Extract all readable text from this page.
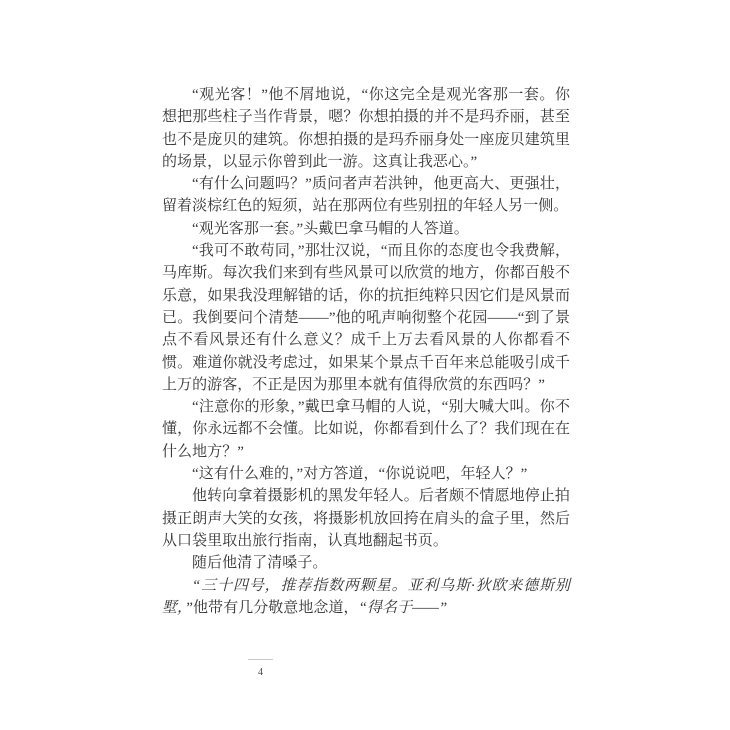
“观光客！”他不屑地说，“你这完全是观光客那一套。你想把那些柱子当作背景，嗯？你想拍摄的并不是玛乔丽，甚至也不是庞贝的建筑。你想拍摄的是玛乔丽身处一座庞贝建筑里的场景，以显示你曾到此一游。这真让我恶心。”

“有什么问题吗？”质问者声若洪钟，他更高大、更强壮，留着淡棕红色的短须，站在那两位有些别扭的年轻人另一侧。

“观光客那一套。”头戴巴拿马帽的人答道。

“我可不敢苟同，”那壮汉说，“而且你的态度也令我费解，马库斯。每次我们来到有些风景可以欣赏的地方，你都百般不乐意，如果我没理解错的话，你的抗拒纯粹只因它们是风景而已。我倒要问个清楚——”他的吼声响彻整个花园——“到了景点不看风景还有什么意义？成千上万去看风景的人你都看不惯。难道你就没考虑过，如果某个景点千百年来总能吸引成千上万的游客，不正是因为那里本就有值得欣赏的东西吗？”

“注意你的形象，”戴巴拿马帽的人说，“别大喊大叫。你不懂，你永远都不会懂。比如说，你都看到什么了？我们现在在什么地方？”

“这有什么难的，”对方答道，“你说说吧，年轻人？”

他转向拿着摄影机的黑发年轻人。后者颇不情愿地停止拍摄正朗声大笑的女孩，将摄影机放回挎在肩头的盒子里，然后从口袋里取出旅行指南，认真地翻起书页。

随后他清了清嗓子。

“三十四号，推荐指数两颗星。亚利乌斯·狄欧来德斯别墅，”他带有几分敬意地念道，“得名于——”

4
